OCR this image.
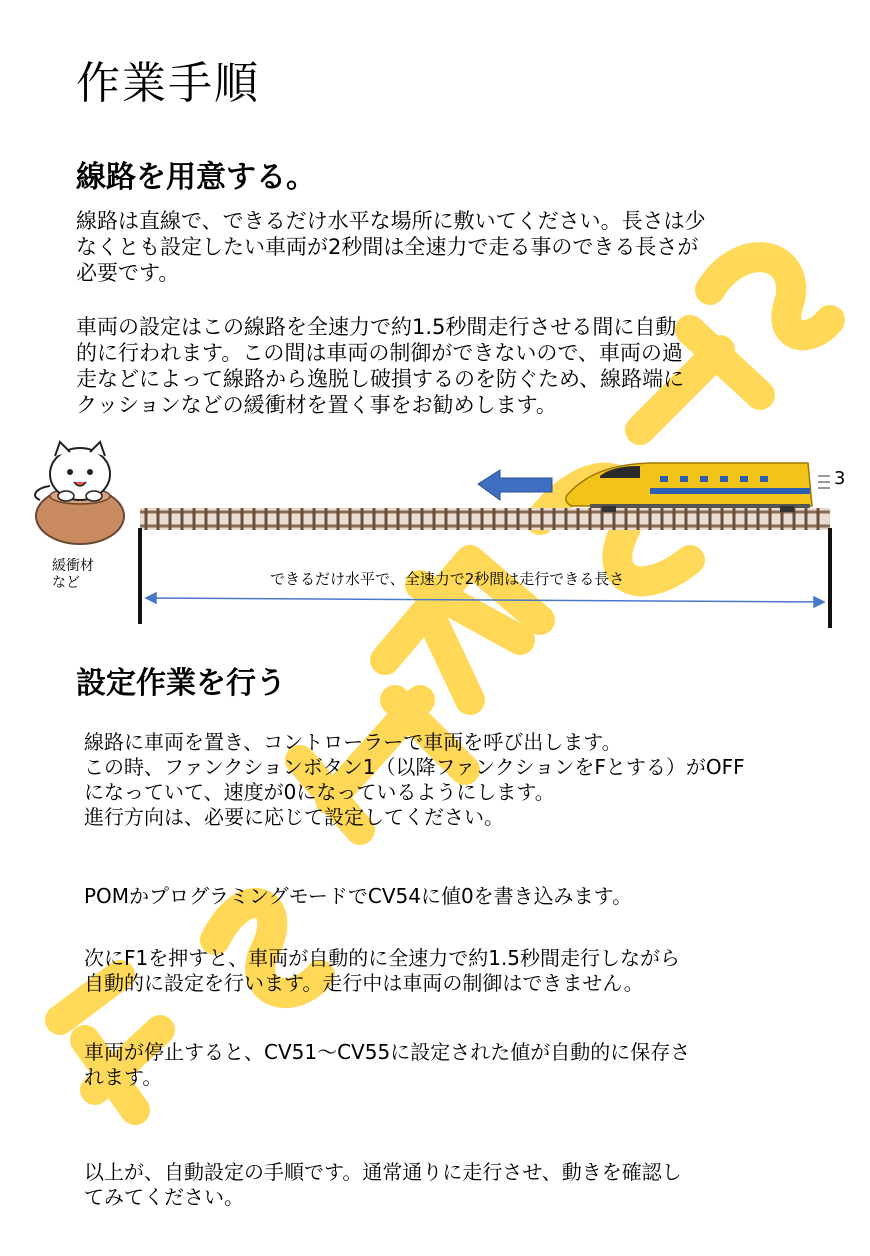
作業手順
線路を用意する。

線路は直線で、できるだけ水平な場所に敷いてください。長さは少
なくとも設定したい車両が2秒間は全速力で走る事のできる長さが
必要です。

車両の設定はこの線路を全速力で約1.5秒間走行させる間に自動
的に行われます。この間は車両の制御ができないので、車両の過
走などによって線路から逸脱し破損するのを防ぐため、線路端に
クッションなどの緩衝材を置く事をお勧めします。

緩衝材
など	できるだけ水平で、全速力で2秒間は走行できる長さ
3
設定作業を行う

線路に車両を置き、コントローラーで車両を呼び出します。
この時、ファンクションボタン1（以降ファンクションをFとする）がOFF
になっていて、速度が0になっているようにします。
進行方向は、必要に応じて設定してください。

POMかプログラミングモードでCV54に値0を書き込みます。

次にF1を押すと、車両が自動的に全速力で約1.5秒間走行しながら
自動的に設定を行います。走行中は車両の制御はできません。

車両が停止すると、CV51～CV55に設定された値が自動的に保存さ
れます。

以上が、自動設定の手順です。通常通りに走行させ、動きを確認し
てみてください。
